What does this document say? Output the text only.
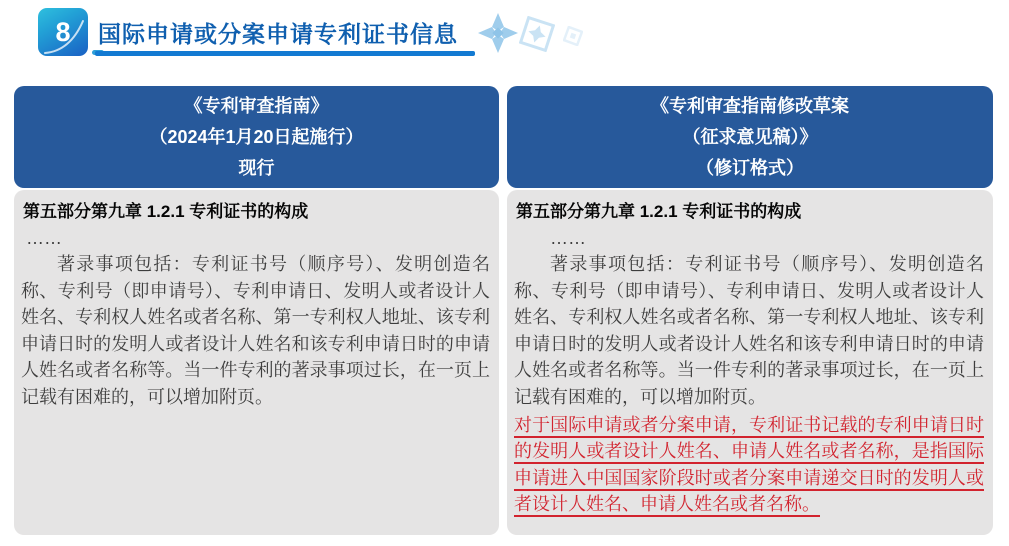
8 国际申请或分案申请专利证书信息
《专利审查指南》
（2024年1月20日起施行）
现行
第五部分第九章 1.2.1 专利证书的构成
……

著录事项包括：专利证书号（顺序号）、发明创造名称、专利号（即申请号）、专利申请日、发明人或者设计人姓名、专利权人姓名或者名称、第一专利权人地址、该专利申请日时的发明人或者设计人姓名和该专利申请日时的申请人姓名或者名称等。当一件专利的著录事项过长，在一页上记载有困难的，可以增加附页。

《专利审查指南修改草案
（征求意见稿）》
（修订格式）
第五部分第九章 1.2.1 专利证书的构成
……

著录事项包括：专利证书号（顺序号）、发明创造名称、专利号（即申请号）、专利申请日、发明人或者设计人姓名、专利权人姓名或者名称、第一专利权人地址、该专利申请日时的发明人或者设计人姓名和该专利申请日时的申请人姓名或者名称等。当一件专利的著录事项过长，在一页上记载有困难的，可以增加附页。

对于国际申请或者分案申请，专利证书记载的专利申请日时的发明人或者设计人姓名、申请人姓名或者名称，是指国际申请进入中国国家阶段时或者分案申请递交日时的发明人或者设计人姓名、申请人姓名或者名称。
